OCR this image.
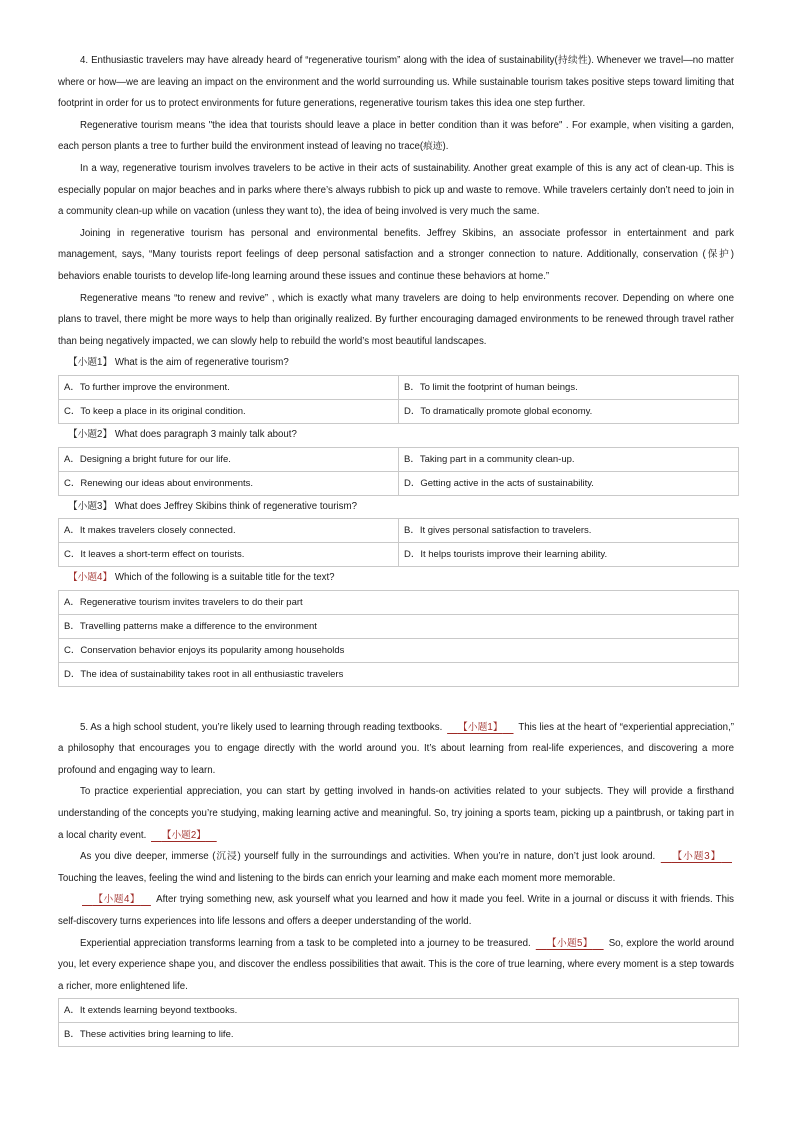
4. Enthusiastic travelers may have already heard of “regenerative tourism” along with the idea of sustainability(持续性). Whenever we travel—no matter where or how—we are leaving an impact on the environment and the world surrounding us. While sustainable tourism takes positive steps toward limiting that footprint in order for us to protect environments for future generations, regenerative tourism takes this idea one step further.

Regenerative tourism means "the idea that tourists should leave a place in better condition than it was before" . For example, when visiting a garden, each person plants a tree to further build the environment instead of leaving no trace(痕迹).

In a way, regenerative tourism involves travelers to be active in their acts of sustainability. Another great example of this is any act of clean-up. This is especially popular on major beaches and in parks where there’s always rubbish to pick up and waste to remove. While travelers certainly don’t need to join in a community clean-up while on vacation (unless they want to), the idea of being involved is very much the same.

Joining in regenerative tourism has personal and environmental benefits. Jeffrey Skibins, an associate professor in entertainment and park management, says, “Many tourists report feelings of deep personal satisfaction and a stronger connection to nature. Additionally, conservation (保护) behaviors enable tourists to develop life-long learning around these issues and continue these behaviors at home.”

Regenerative means “to renew and revive” , which is exactly what many travelers are doing to help environments recover. Depending on where one plans to travel, there might be more ways to help than originally realized. By further encouraging damaged environments to be renewed through travel rather than being negatively impacted, we can slowly help to rebuild the world’s most beautiful landscapes.

【小题1】 What is the aim of regenerative tourism?

A．To further improve the environment.	B．To limit the footprint of human beings.
C．To keep a place in its original condition.	D．To dramatically promote global economy.

【小题2】 What does paragraph 3 mainly talk about?

A．Designing a bright future for our life.	B．Taking part in a community clean-up.
C．Renewing our ideas about environments.	D．Getting active in the acts of sustainability.

【小题3】 What does Jeffrey Skibins think of regenerative tourism?

A．It makes travelers closely connected.	B．It gives personal satisfaction to travelers.
C．It leaves a short-term effect on tourists.	D．It helps tourists improve their learning ability.

【小题4】 Which of the following is a suitable title for the text?

A．Regenerative tourism invites travelers to do their part
B．Travelling patterns make a difference to the environment
C．Conservation behavior enjoys its popularity among households
D．The idea of sustainability takes root in all enthusiastic travelers

5. As a high school student, you’re likely used to learning through reading textbooks. 【小题1】 This lies at the heart of “experiential appreciation,” a philosophy that encourages you to engage directly with the world around you. It’s about learning from real-life experiences, and discovering a more profound and engaging way to learn.

To practice experiential appreciation, you can start by getting involved in hands-on activities related to your subjects. They will provide a firsthand understanding of the concepts you’re studying, making learning active and meaningful. So, try joining a sports team, picking up a paintbrush, or taking part in a local charity event. 【小题2】

As you dive deeper, immerse (沉浸) yourself fully in the surroundings and activities. When you’re in nature, don’t just look around. 【小题3】 Touching the leaves, feeling the wind and listening to the birds can enrich your learning and make each moment more memorable.

【小题4】 After trying something new, ask yourself what you learned and how it made you feel. Write in a journal or discuss it with friends. This self-discovery turns experiences into life lessons and offers a deeper understanding of the world.

Experiential appreciation transforms learning from a task to be completed into a journey to be treasured. 【小题5】 So, explore the world around you, let every experience shape you, and discover the endless possibilities that await. This is the core of true learning, where every moment is a step towards a richer, more enlightened life.

A．It extends learning beyond textbooks.
B．These activities bring learning to life.
